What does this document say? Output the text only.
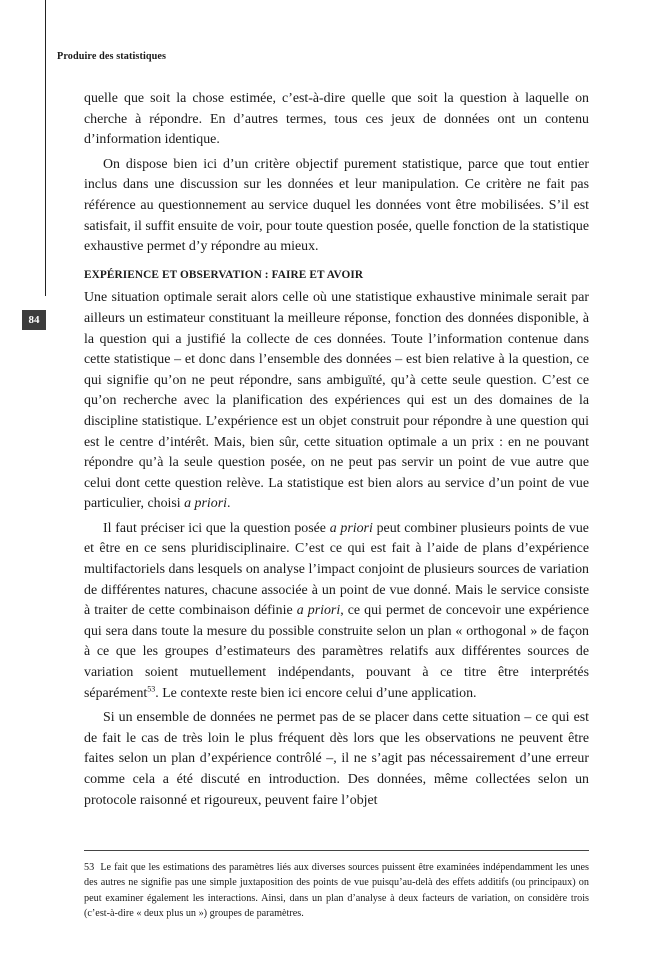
84
Produire des statistiques

quelle que soit la chose estimée, c’est-à-dire quelle que soit la question à laquelle on cherche à répondre. En d’autres termes, tous ces jeux de données ont un contenu d’information identique.

On dispose bien ici d’un critère objectif purement statistique, parce que tout entier inclus dans une discussion sur les données et leur manipulation. Ce critère ne fait pas référence au questionnement au service duquel les données vont être mobilisées. S’il est satisfait, il suffit ensuite de voir, pour toute question posée, quelle fonction de la statistique exhaustive permet d’y répondre au mieux.

EXPÉRIENCE ET OBSERVATION : FAIRE ET AVOIR

Une situation optimale serait alors celle où une statistique exhaustive minimale serait par ailleurs un estimateur constituant la meilleure réponse, fonction des données disponible, à la question qui a justifié la collecte de ces données. Toute l’information contenue dans cette statistique – et donc dans l’ensemble des données – est bien relative à la question, ce qui signifie qu’on ne peut répondre, sans ambiguïté, qu’à cette seule question. C’est ce qu’on recherche avec la planification des expériences qui est un des domaines de la discipline statistique. L’expérience est un objet construit pour répondre à une question qui est le centre d’intérêt. Mais, bien sûr, cette situation optimale a un prix : en ne pouvant répondre qu’à la seule question posée, on ne peut pas servir un point de vue autre que celui dont cette question relève. La statistique est bien alors au service d’un point de vue particulier, choisi a priori.

Il faut préciser ici que la question posée a priori peut combiner plusieurs points de vue et être en ce sens pluridisciplinaire. C’est ce qui est fait à l’aide de plans d’expérience multifactoriels dans lesquels on analyse l’impact conjoint de plusieurs sources de variation de différentes natures, chacune associée à un point de vue donné. Mais le service consiste à traiter de cette combinaison définie a priori, ce qui permet de concevoir une expérience qui sera dans toute la mesure du possible construite selon un plan « orthogonal » de façon à ce que les groupes d’estimateurs des paramètres relatifs aux différentes sources de variation soient mutuellement indépendants, pouvant à ce titre être interprétés séparément$^{53}$. Le contexte reste bien ici encore celui d’une application.

Si un ensemble de données ne permet pas de se placer dans cette situation – ce qui est de fait le cas de très loin le plus fréquent dès lors que les observations ne peuvent être faites selon un plan d’expérience contrôlé –, il ne s’agit pas nécessairement d’une erreur comme cela a été discuté en introduction. Des données, même collectées selon un protocole raisonné et rigoureux, peuvent faire l’objet

53 Le fait que les estimations des paramètres liés aux diverses sources puissent être examinées indépendamment les unes des autres ne signifie pas une simple juxtaposition des points de vue puisqu’au-delà des effets additifs (ou principaux) on peut examiner également les interactions. Ainsi, dans un plan d’analyse à deux facteurs de variation, on considère trois (c’est-à-dire « deux plus un ») groupes de paramètres.
